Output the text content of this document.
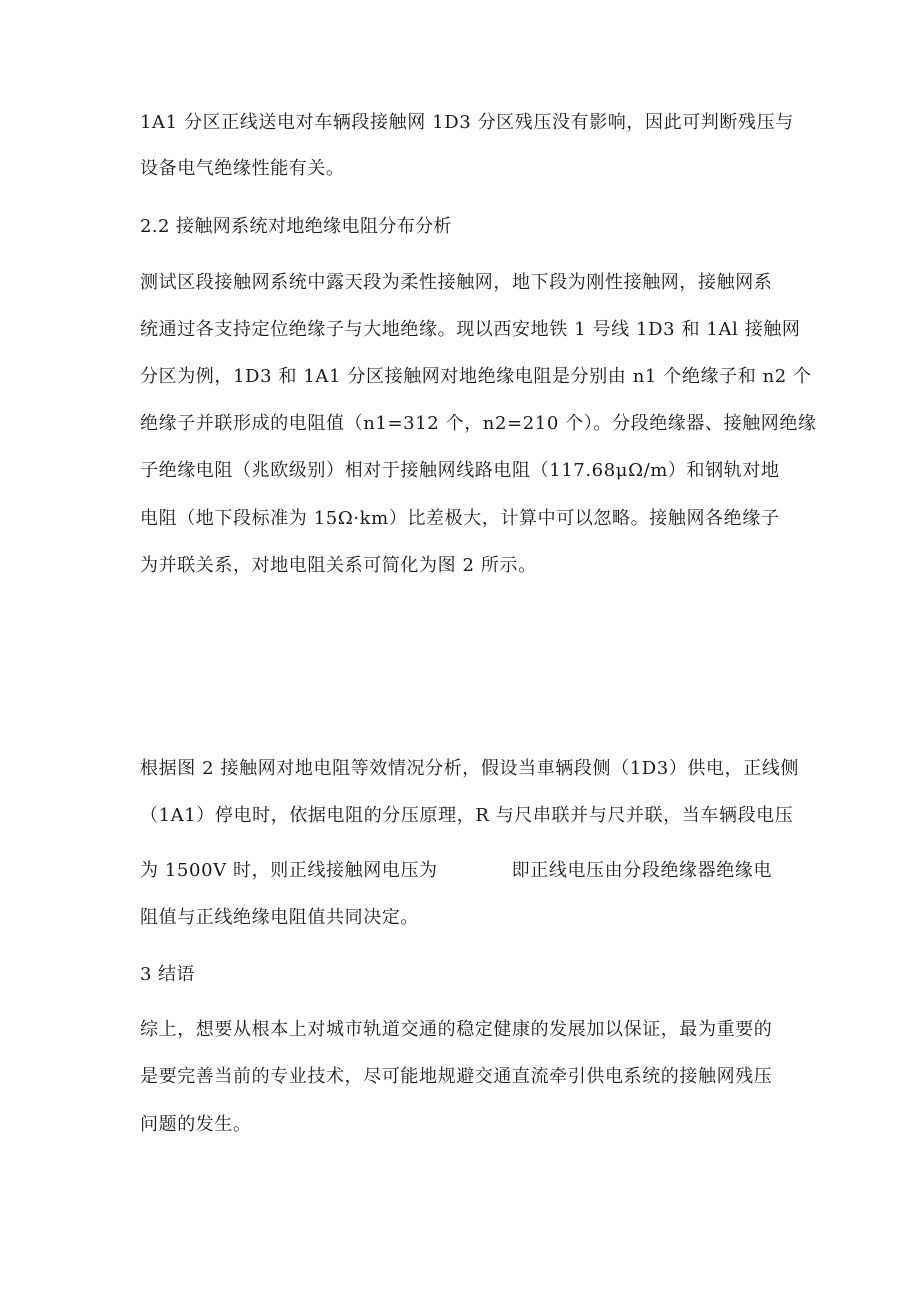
1A1 分区正线送电对车辆段接触网 1D3 分区残压没有影响，因此可判断残压与
设备电气绝缘性能有关。
2.2 接触网系统对地绝缘电阻分布分析
测试区段接触网系统中露天段为柔性接触网，地下段为刚性接触网，接触网系
统通过各支持定位绝缘子与大地绝缘。现以西安地铁 1 号线 1D3 和 1Al 接触网
分区为例，1D3 和 1A1 分区接触网对地绝缘电阻是分别由 n1 个绝缘子和 n2 个
绝缘子并联形成的电阻值（n1=312 个，n2=210 个）。分段绝缘器、接触网绝缘
子绝缘电阻（兆欧级别）相对于接触网线路电阻（117.68μΩ/m）和钢轨对地
电阻（地下段标准为 15Ω·km）比差极大，计算中可以忽略。接触网各绝缘子
为并联关系，对地电阻关系可简化为图 2 所示。
根据图 2 接触网对地电阻等效情况分析，假设当車辆段侧（1D3）供电，正线侧
（1A1）停电时，依据电阻的分压原理，R 与尺串联并与尺并联，当车辆段电压
为 1500V 时，则正线接触网电压为	即正线电压由分段绝缘器绝缘电
阻值与正线绝缘电阻值共同决定。
3 结语
综上，想要从根本上对城市轨道交通的稳定健康的发展加以保证，最为重要的
是要完善当前的专业技术，尽可能地规避交通直流牵引供电系统的接触网残压
问题的发生。
